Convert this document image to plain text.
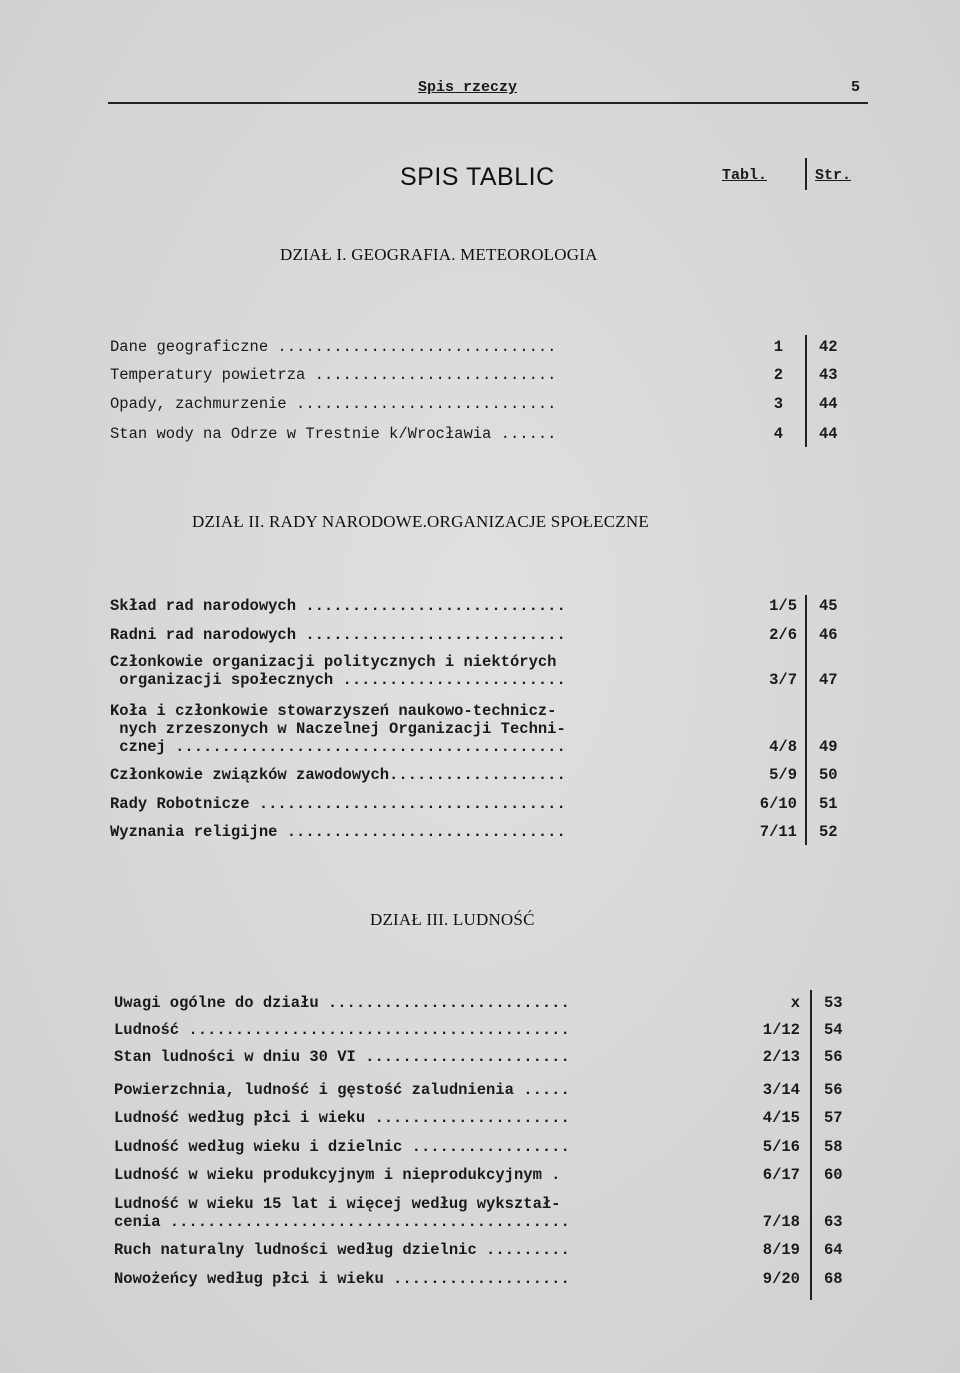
Spis rzeczy	5
SPIS TABLIC	Tabl.	Str.
DZIAŁ I. GEOGRAFIA. METEOROLOGIA
Dane geograficzne ..............................	1 42
Temperatury powietrza ..........................	2 43
Opady, zachmurzenie ............................	3 44
Stan wody na Odrze w Trestnie k/Wrocławia ......	4 44
DZIAŁ II. RADY NARODOWE.ORGANIZACJE SPOŁECZNE
Skład rad narodowych ............................	1/5 45
Radni rad narodowych ............................	2/6 46
Członkowie organizacji politycznych i niektórych
organizacji społecznych ........................	3/7 47
Koła i członkowie stowarzyszeń naukowo-technicz-
nych zrzeszonych w Naczelnej Organizacji Techni-
cznej ..........................................	4/8 49
Członkowie związków zawodowych...................	5/9 50
Rady Robotnicze .................................	6/10 51
Wyznania religijne ..............................	7/11 52
DZIAŁ III. LUDNOŚĆ
Uwagi ogólne do działu ..........................	x 53
Ludność .........................................	1/12 54
Stan ludności w dniu 30 VI ......................	2/13 56
Powierzchnia, ludność i gęstość zaludnienia .....	3/14 56
Ludność według płci i wieku .....................	4/15 57
Ludność według wieku i dzielnic .................	5/16 58
Ludność w wieku produkcyjnym i nieprodukcyjnym .	6/17 60
Ludność w wieku 15 lat i więcej według wykształ-
cenia ...........................................	7/18 63
Ruch naturalny ludności według dzielnic .........	8/19 64
Nowożeńcy według płci i wieku ...................	9/20 68
